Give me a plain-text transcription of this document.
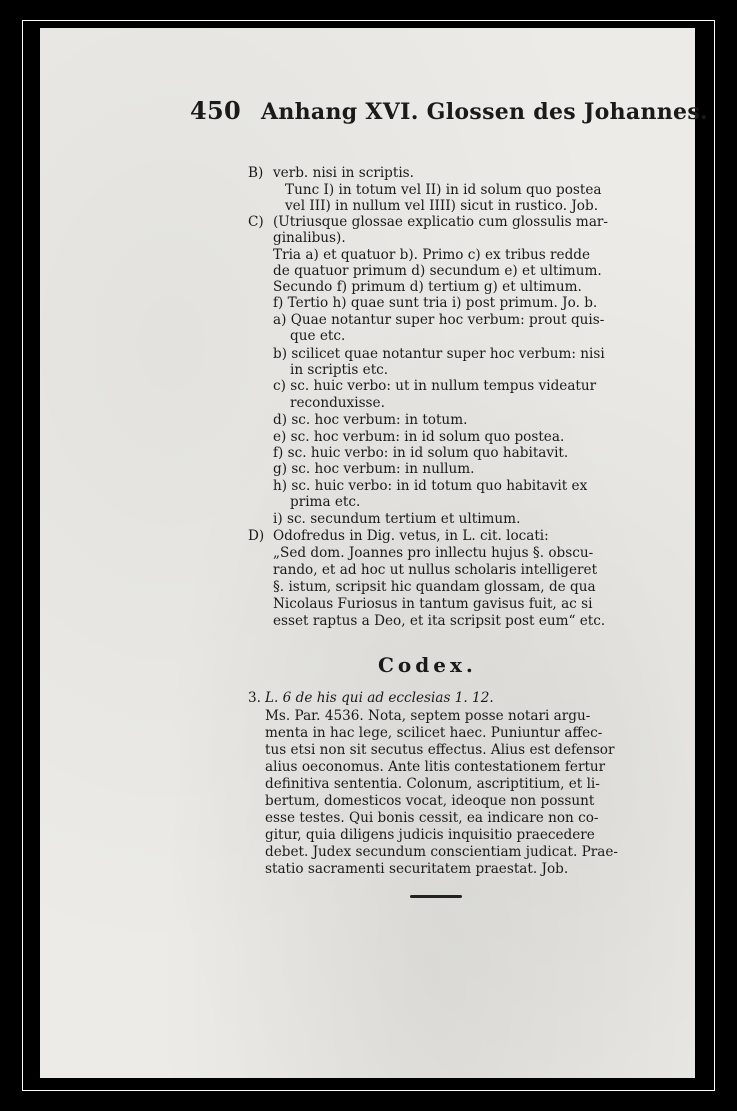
450 Anhang XVI. Glossen des Johannes.
B) verb. nisi in scriptis.
Tunc I) in totum vel II) in id solum quo postea
vel III) in nullum vel IIII) sicut in rustico. Job.
C) (Utriusque glossae explicatio cum glossulis mar-
ginalibus).
Tria a) et quatuor b). Primo c) ex tribus redde
de quatuor primum d) secundum e) et ultimum.
Secundo f) primum d) tertium g) et ultimum.
f) Tertio h) quae sunt tria i) post primum. Jo. b.
a) Quae notantur super hoc verbum: prout quis-
que etc.
b) scilicet quae notantur super hoc verbum: nisi
in scriptis etc.
c) sc. huic verbo: ut in nullum tempus videatur
reconduxisse.
d) sc. hoc verbum: in totum.
e) sc. hoc verbum: in id solum quo postea.
f) sc. huic verbo: in id solum quo habitavit.
g) sc. hoc verbum: in nullum.
h) sc. huic verbo: in id totum quo habitavit ex
prima etc.
i) sc. secundum tertium et ultimum.
D) Odofredus in Dig. vetus, in L. cit. locati:
„Sed dom. Joannes pro inllectu hujus §. obscu-
rando, et ad hoc ut nullus scholaris intelligeret
§. istum, scripsit hic quandam glossam, de qua
Nicolaus Furiosus in tantum gavisus fuit, ac si
esset raptus a Deo, et ita scripsit post eum“ etc.
Codex.
3. L. 6 de his qui ad ecclesias 1. 12.
Ms. Par. 4536. Nota, septem posse notari argu-
menta in hac lege, scilicet haec. Puniuntur affec-
tus etsi non sit secutus effectus. Alius est defensor
alius oeconomus. Ante litis contestationem fertur
definitiva sententia. Colonum, ascriptitium, et li-
bertum, domesticos vocat, ideoque non possunt
esse testes. Qui bonis cessit, ea indicare non co-
gitur, quia diligens judicis inquisitio praecedere
debet. Judex secundum conscientiam judicat. Prae-
statio sacramenti securitatem praestat. Job.
